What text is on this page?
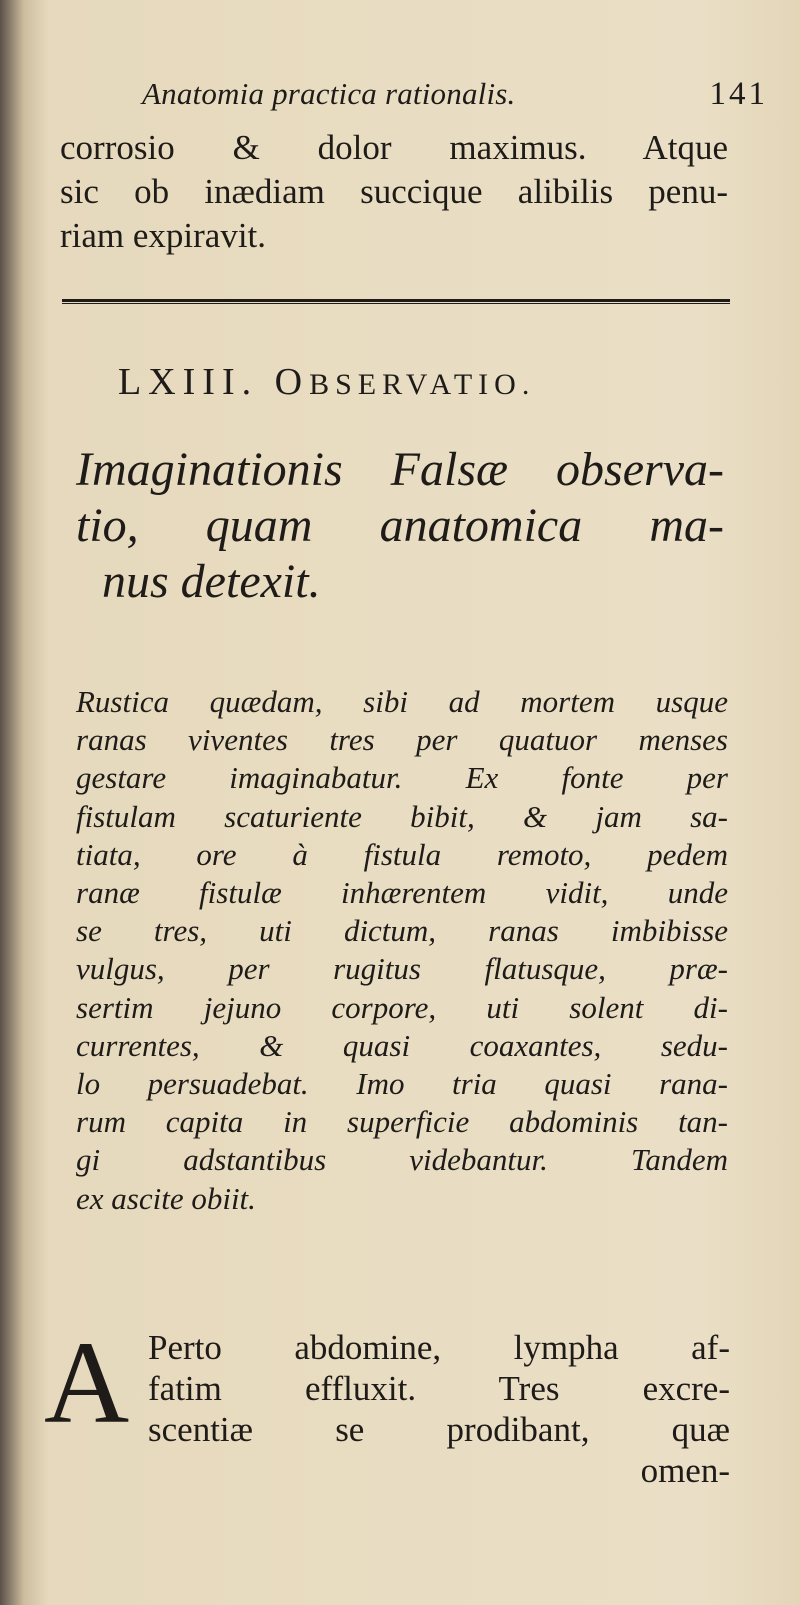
Anatomia practica rationalis.	141
corrosio & dolor maximus. Atque
sic ob inædiam succique alibilis penu-
riam expiravit.
LXIII. OBSERVATIO.
Imaginationis Falsæ observa-
tio, quam anatomica ma-
nus detexit.
Rustica quædam, sibi ad mortem usque
ranas viventes tres per quatuor menses
gestare imaginabatur. Ex fonte per
fistulam scaturiente bibit, & jam sa-
tiata, ore à fistula remoto, pedem
ranæ fistulæ inhærentem vidit, unde
se tres, uti dictum, ranas imbibisse
vulgus, per rugitus flatusque, præ-
sertim jejuno corpore, uti solent di-
currentes, & quasi coaxantes, sedu-
lo persuadebat. Imo tria quasi rana-
rum capita in superficie abdominis tan-
gi adstantibus videbantur. Tandem
ex ascite obiit.
A Perto abdomine, lympha af-
fatim effluxit. Tres excre-
scentiæ se prodibant, quæ
omen-
